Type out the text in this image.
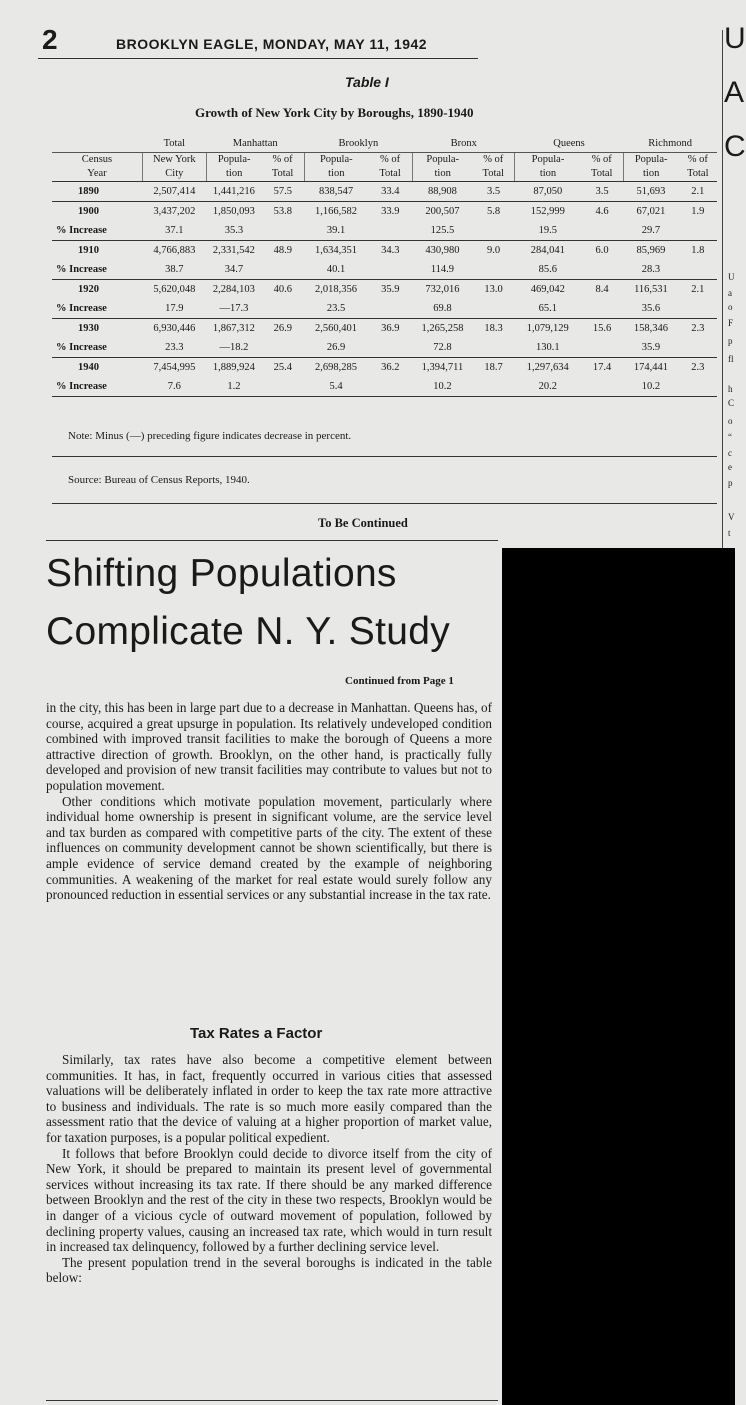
2	BROOKLYN EAGLE, MONDAY, MAY 11, 1942
Table I
Growth of New York City by Boroughs, 1890-1940
	Total	Manhattan		Brooklyn		Bronx		Queens		Richmond	
Census	New York	Popula-	% of	Popula-	% of	Popula-	% of	Popula-	% of	Popula-	% of
Year	City	tion	Total	tion	Total	tion	Total	tion	Total	tion	Total
1890	2,507,414	1,441,216	57.5	838,547	33.4	88,908	3.5	87,050	3.5	51,693	2.1
1900	3,437,202	1,850,093	53.8	1,166,582	33.9	200,507	5.8	152,999	4.6	67,021	1.9
% Increase	37.1	35.3		39.1		125.5		19.5		29.7	
1910	4,766,883	2,331,542	48.9	1,634,351	34.3	430,980	9.0	284,041	6.0	85,969	1.8
% Increase	38.7	34.7		40.1		114.9		85.6		28.3	
1920	5,620,048	2,284,103	40.6	2,018,356	35.9	732,016	13.0	469,042	8.4	116,531	2.1
% Increase	17.9	—17.3		23.5		69.8		65.1		35.6	
1930	6,930,446	1,867,312	26.9	2,560,401	36.9	1,265,258	18.3	1,079,129	15.6	158,346	2.3
% Increase	23.3	—18.2		26.9		72.8		130.1		35.9	
1940	7,454,995	1,889,924	25.4	2,698,285	36.2	1,394,711	18.7	1,297,634	17.4	174,441	2.3
% Increase	7.6	1.2		5.4		10.2		20.2		10.2	

Note: Minus (—) preceding figure indicates decrease in percent.
Source: Bureau of Census Reports, 1940.
To Be Continued
Shifting Populations
Complicate N. Y. Study
Continued from Page 1

in the city, this has been in large part due to a decrease in Manhattan. Queens has, of course, acquired a great upsurge in population. Its relatively undeveloped condition combined with improved transit facilities to make the borough of Queens a more attractive direction of growth. Brooklyn, on the other hand, is practically fully developed and provision of new transit facilities may contribute to values but not to population movement.

Other conditions which motivate population movement, particularly where individual home ownership is present in significant volume, are the service level and tax burden as compared with competitive parts of the city. The extent of these influences on community development cannot be shown scientifically, but there is ample evidence of service demand created by the example of neighboring communities. A weakening of the market for real estate would surely follow any pronounced reduction in essential services or any substantial increase in the tax rate.

Tax Rates a Factor

Similarly, tax rates have also become a competitive element between communities. It has, in fact, frequently occurred in various cities that assessed valuations will be deliberately inflated in order to keep the tax rate more attractive to business and individuals. The rate is so much more easily compared than the assessment ratio that the device of valuing at a higher proportion of market value, for taxation purposes, is a popular political expedient.

It follows that before Brooklyn could decide to divorce itself from the city of New York, it should be prepared to maintain its present level of governmental services without increasing its tax rate. If there should be any marked difference between Brooklyn and the rest of the city in these two respects, Brooklyn would be in danger of a vicious cycle of outward movement of population, followed by declining property values, causing an increased tax rate, which would in turn result in increased tax delinquency, followed by a further declining service level.

The present population trend in the several boroughs is indicated in the table below:

U
A
C
U
a
o
F
p
fl
h
C
o
“
c
e
p
V
t
